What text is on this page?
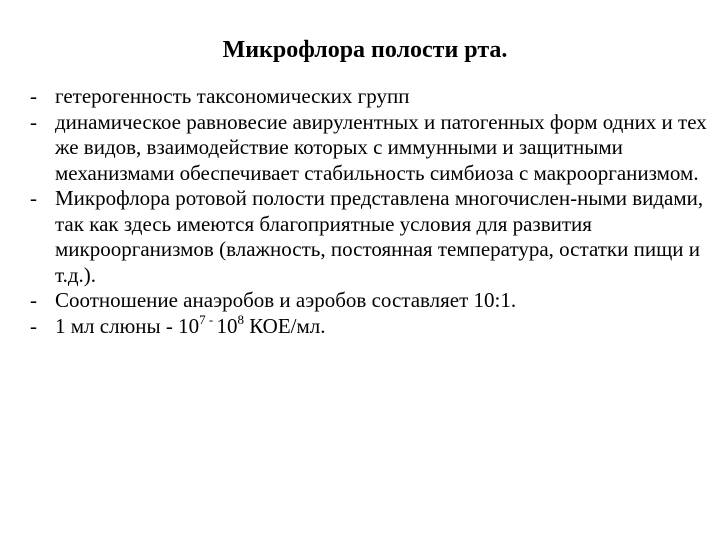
Микрофлора полости рта.
- гетерогенность таксономических групп
- динамическое равновесие авирулентных и патогенных форм одних и тех же видов, взаимодействие которых с иммунными и защитными механизмами обеспечивает стабильность симбиоза с макроорганизмом.
- Микрофлора ротовой полости представлена многочислен-ными видами, так как здесь имеются благоприятные условия для развития микроорганизмов (влажность, постоянная температура, остатки пищи и т.д.).
- Соотношение анаэробов и аэробов составляет 10:1.
- 1 мл слюны - $10^7$ - $10^8$ КОЕ/мл.
